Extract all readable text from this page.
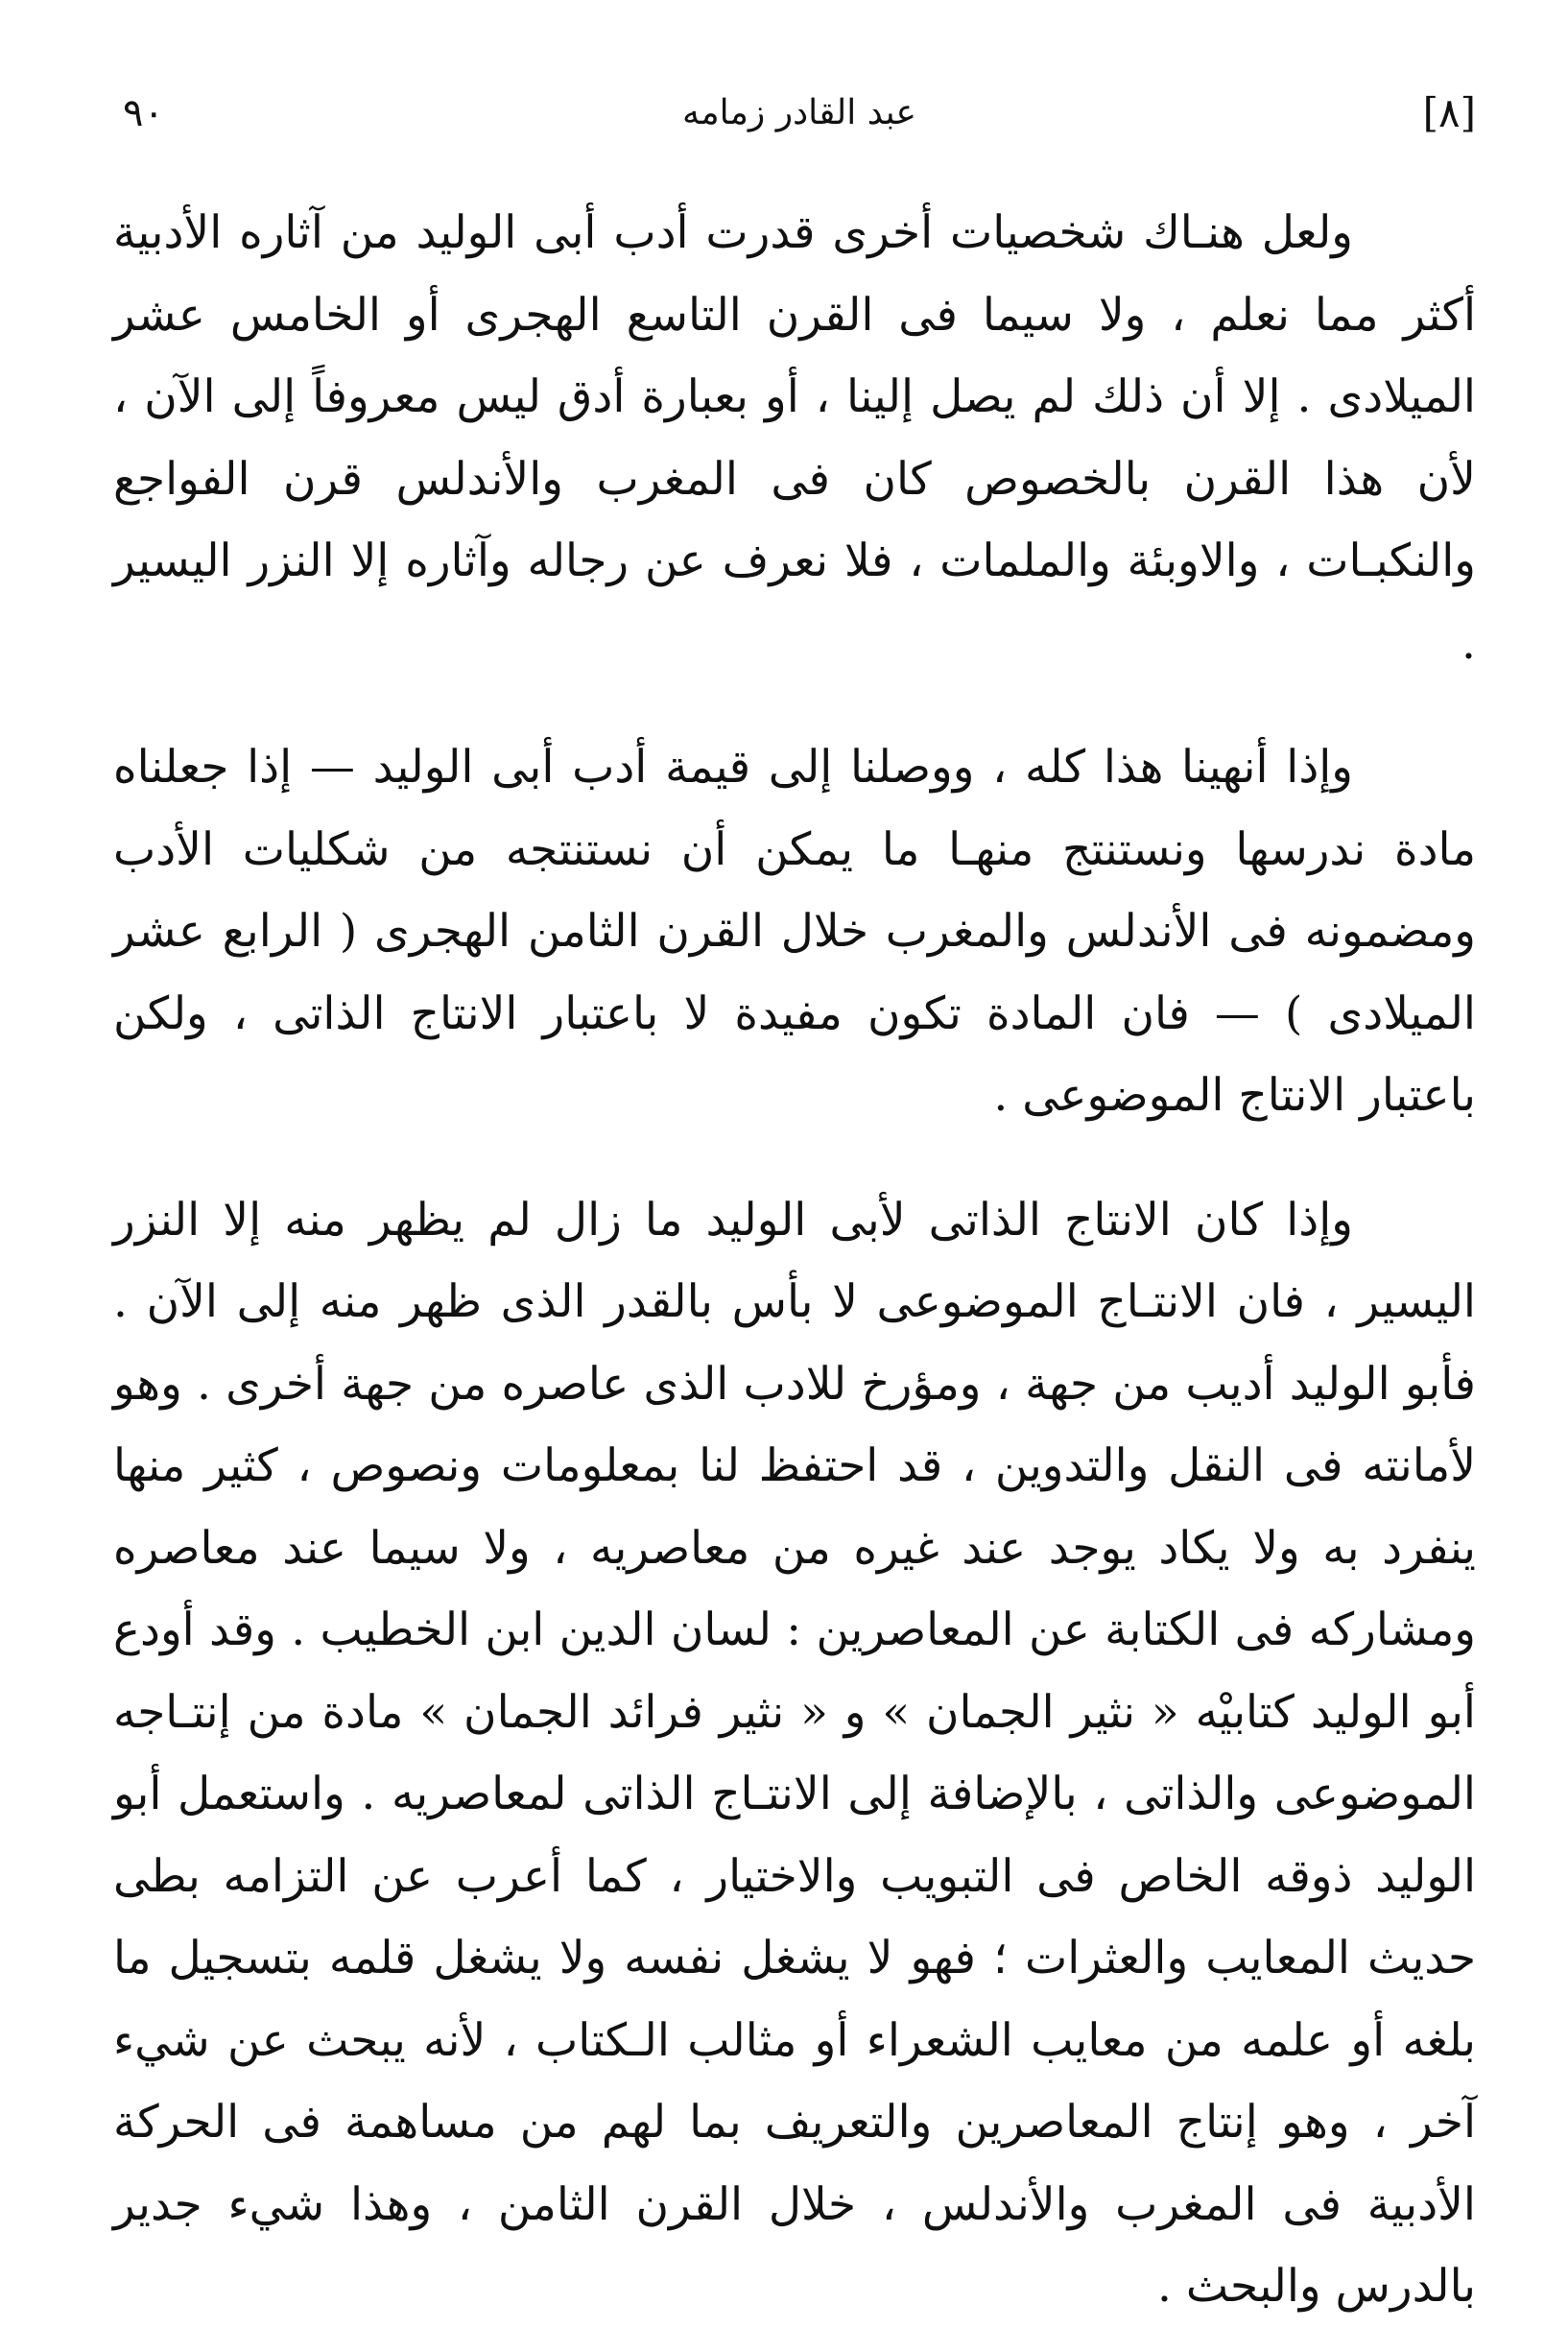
٩٠	عبد القادر زمامه	[٨]

ولعل هنـاك شخصيات أخرى قدرت أدب أبى الوليد من آثاره الأدبية أكثر مما نعلم ، ولا سيما فى القرن التاسع الهجرى أو الخامس عشر الميلادى . إلا أن ذلك لم يصل إلينا ، أو بعبارة أدق ليس معروفاً إلى الآن ، لأن هذا القرن بالخصوص كان فى المغرب والأندلس قرن الفواجع والنكبـات ، والاوبئة والملمات ، فلا نعرف عن رجاله وآثاره إلا النزر اليسير .

وإذا أنهينا هذا كله ، ووصلنا إلى قيمة أدب أبى الوليد — إذا جعلناه مادة ندرسها ونستنتج منهـا ما يمكن أن نستنتجه من شكليات الأدب ومضمونه فى الأندلس والمغرب خلال القرن الثامن الهجرى ( الرابع عشر الميلادى ) — فان المادة تكون مفيدة لا باعتبار الانتاج الذاتى ، ولكن باعتبار الانتاج الموضوعى .

وإذا كان الانتاج الذاتى لأبى الوليد ما زال لم يظهر منه إلا النزر اليسير ، فان الانتـاج الموضوعى لا بأس بالقدر الذى ظهر منه إلى الآن . فأبو الوليد أديب من جهة ، ومؤرخ للادب الذى عاصره من جهة أخرى . وهو لأمانته فى النقل والتدوين ، قد احتفظ لنا بمعلومات ونصوص ، كثير منها ينفرد به ولا يكاد يوجد عند غيره من معاصريه ، ولا سيما عند معاصره ومشاركه فى الكتابة عن المعاصرين : لسان الدين ابن الخطيب . وقد أودع أبو الوليد كتابيْه « نثير الجمان » و « نثير فرائد الجمان » مادة من إنتـاجه الموضوعى والذاتى ، بالإضافة إلى الانتـاج الذاتى لمعاصريه . واستعمل أبو الوليد ذوقه الخاص فى التبويب والاختيار ، كما أعرب عن التزامه بطى حديث المعايب والعثرات ؛ فهو لا يشغل نفسه ولا يشغل قلمه بتسجيل ما بلغه أو علمه من معايب الشعراء أو مثالب الـكتاب ، لأنه يبحث عن شيء آخر ، وهو إنتاج المعاصرين والتعريف بما لهم من مساهمة فى الحركة الأدبية فى المغرب والأندلس ، خلال القرن الثامن ، وهذا شيء جدير بالدرس والبحث .
